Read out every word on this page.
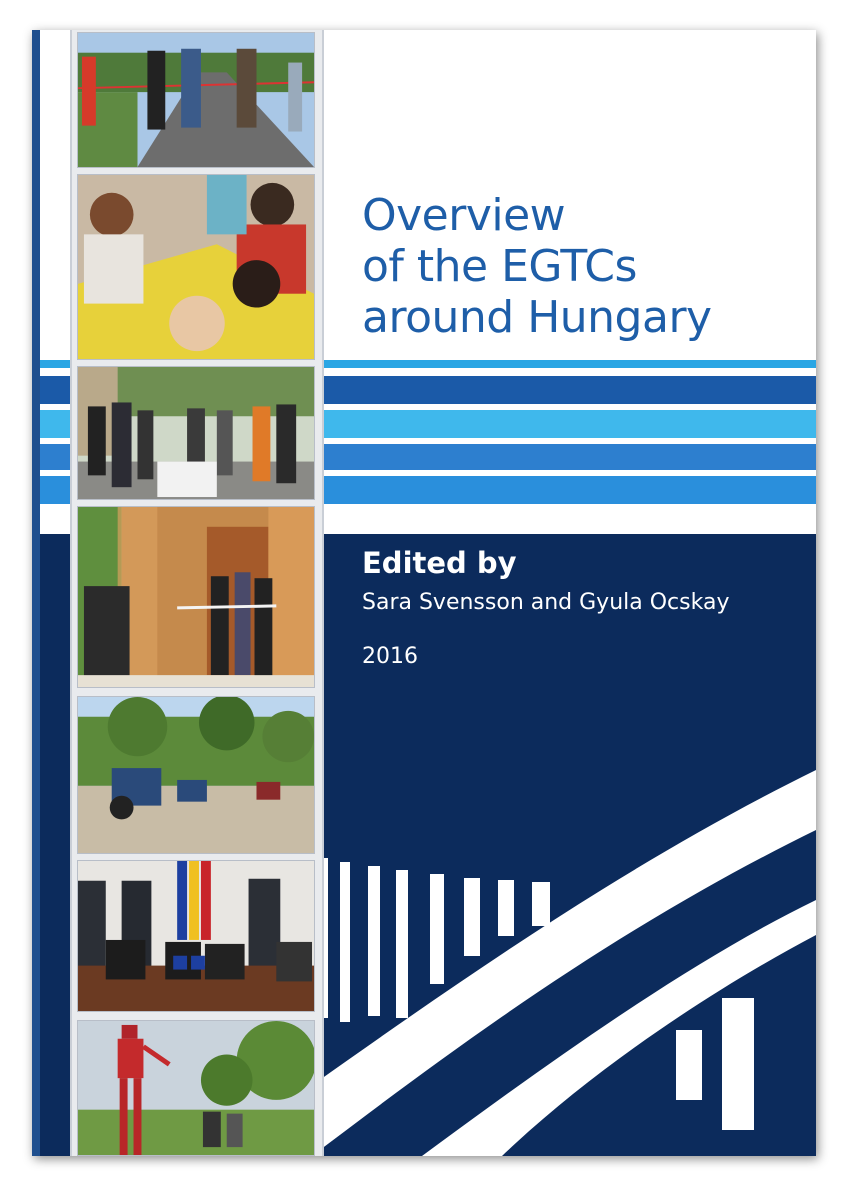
Overview
of the EGTCs
around Hungary
Edited by
Sara Svensson and Gyula Ocskay
2016
